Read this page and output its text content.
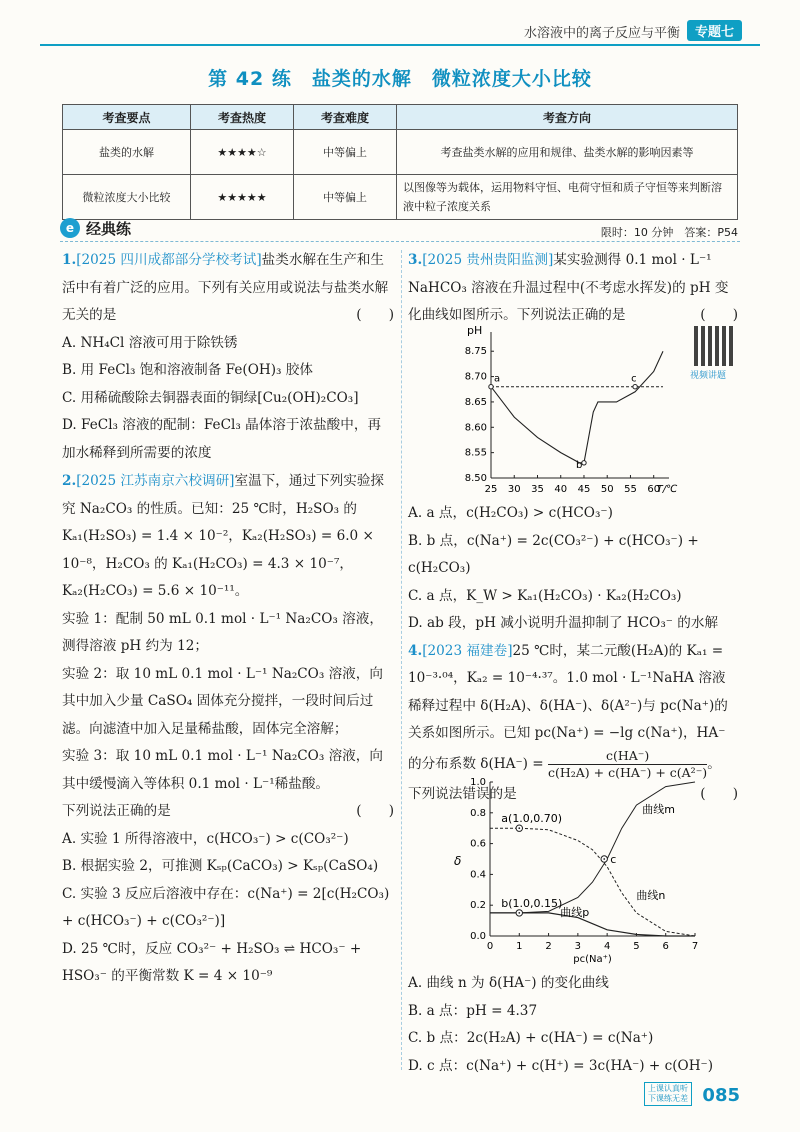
水溶液中的离子反应与平衡	专题七
第 42 练　盐类的水解　微粒浓度大小比较
考查要点	考查热度	考查难度	考查方向
盐类的水解	★★★★☆	中等偏上	考查盐类水解的应用和规律、盐类水解的影响因素等
微粒浓度大小比较	★★★★★	中等偏上	以图像等为载体，运用物料守恒、电荷守恒和质子守恒等来判断溶液中粒子浓度关系
e 经典练	限时：10 分钟　答案：P54

1.[2025 四川成都部分学校考试]盐类水解在生产和生活中有着广泛的应用。下列有关应用或说法与盐类水解无关的是	(　　)

A. NH₄Cl 溶液可用于除铁锈

B. 用 FeCl₃ 饱和溶液制备 Fe(OH)₃ 胶体

C. 用稀硫酸除去铜器表面的铜绿[Cu₂(OH)₂CO₃]

D. FeCl₃ 溶液的配制：FeCl₃ 晶体溶于浓盐酸中，再加水稀释到所需要的浓度

2.[2025 江苏南京六校调研]室温下，通过下列实验探究 Na₂CO₃ 的性质。已知：25 ℃时，H₂SO₃ 的 Kₐ₁(H₂SO₃) = 1.4 × 10⁻²，Kₐ₂(H₂SO₃) = 6.0 × 10⁻⁸，H₂CO₃ 的 Kₐ₁(H₂CO₃) = 4.3 × 10⁻⁷，Kₐ₂(H₂CO₃) = 5.6 × 10⁻¹¹。

实验 1：配制 50 mL 0.1 mol · L⁻¹ Na₂CO₃ 溶液，测得溶液 pH 约为 12；

实验 2：取 10 mL 0.1 mol · L⁻¹ Na₂CO₃ 溶液，向其中加入少量 CaSO₄ 固体充分搅拌，一段时间后过滤。向滤渣中加入足量稀盐酸，固体完全溶解；

实验 3：取 10 mL 0.1 mol · L⁻¹ Na₂CO₃ 溶液，向其中缓慢滴入等体积 0.1 mol · L⁻¹稀盐酸。

下列说法正确的是	(　　)

A. 实验 1 所得溶液中，c(HCO₃⁻) > c(CO₃²⁻)

B. 根据实验 2，可推测 Kₛₚ(CaCO₃) > Kₛₚ(CaSO₄)

C. 实验 3 反应后溶液中存在：c(Na⁺) = 2[c(H₂CO₃) + c(HCO₃⁻) + c(CO₃²⁻)]

D. 25 ℃时，反应 CO₃²⁻ + H₂SO₃ ⇌ HCO₃⁻ + HSO₃⁻ 的平衡常数 K = 4 × 10⁻⁹

3.[2025 贵州贵阳监测]某实验测得 0.1 mol · L⁻¹ NaHCO₃ 溶液在升温过程中(不考虑水挥发)的 pH 变化曲线如图所示。下列说法正确的是	(　　)

视频讲题
pH
25 30 35 40 45 50 55 60
T/℃
8.50
8.55
8.60
8.65
8.70
8.75
a
b
c

A. a 点，c(H₂CO₃) > c(HCO₃⁻)

B. b 点，c(Na⁺) = 2c(CO₃²⁻) + c(HCO₃⁻) + c(H₂CO₃)

C. a 点，K_W > Kₐ₁(H₂CO₃) · Kₐ₂(H₂CO₃)

D. ab 段，pH 减小说明升温抑制了 HCO₃⁻ 的水解

4.[2023 福建卷]25 ℃时，某二元酸(H₂A)的 Kₐ₁ = 10⁻³·⁰⁴，Kₐ₂ = 10⁻⁴·³⁷。1.0 mol · L⁻¹NaHA 溶液稀释过程中 δ(H₂A)、δ(HA⁻)、δ(A²⁻)与 pc(Na⁺)的关系如图所示。已知 pc(Na⁺) = −lg c(Na⁺)，HA⁻的分布系数 $\delta(HA^-) = \frac{c(HA^-)}{\text{c(H₂A) + c(HA⁻) + c(A²⁻)}}$。

下列说法错误的是	(　　)

δ
0 1 2 3 4 5 6 7
pc(Na⁺)
0.0
0.2
0.4
0.6
0.8
1.0
曲线m
曲线n
曲线p
a(1.0,0.70)
b(1.0,0.15)
c

A. 曲线 n 为 δ(HA⁻) 的变化曲线

B. a 点：pH = 4.37

C. b 点：2c(H₂A) + c(HA⁻) = c(Na⁺)

D. c 点：c(Na⁺) + c(H⁺) = 3c(HA⁻) + c(OH⁻)

上课认真听 下课练无差 085
